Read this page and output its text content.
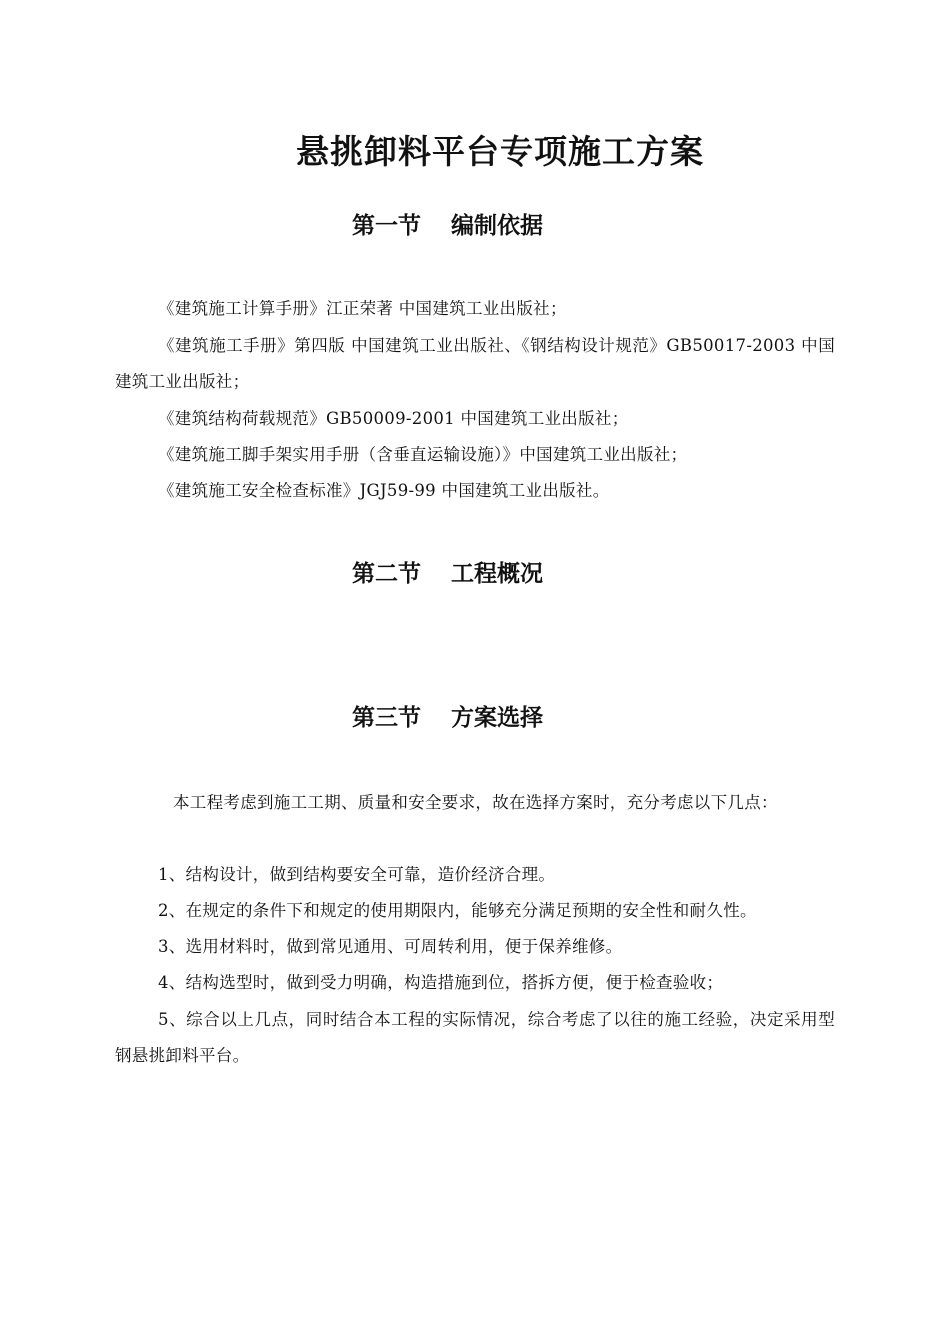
悬挑卸料平台专项施工方案
第一节 编制依据
《建筑施工计算手册》江正荣著 中国建筑工业出版社；
《建筑施工手册》第四版 中国建筑工业出版社、《钢结构设计规范》GB50017-2003 中国建筑工业出版社；
《建筑结构荷载规范》GB50009-2001 中国建筑工业出版社；
《建筑施工脚手架实用手册（含垂直运输设施）》中国建筑工业出版社；
《建筑施工安全检查标准》JGJ59-99 中国建筑工业出版社。
第二节 工程概况
第三节 方案选择
本工程考虑到施工工期、质量和安全要求，故在选择方案时，充分考虑以下几点：
1、结构设计，做到结构要安全可靠，造价经济合理。
2、在规定的条件下和规定的使用期限内，能够充分满足预期的安全性和耐久性。
3、选用材料时，做到常见通用、可周转利用，便于保养维修。
4、结构选型时，做到受力明确，构造措施到位，搭拆方便，便于检查验收；
5、综合以上几点，同时结合本工程的实际情况，综合考虑了以往的施工经验，决定采用型钢悬挑卸料平台。
